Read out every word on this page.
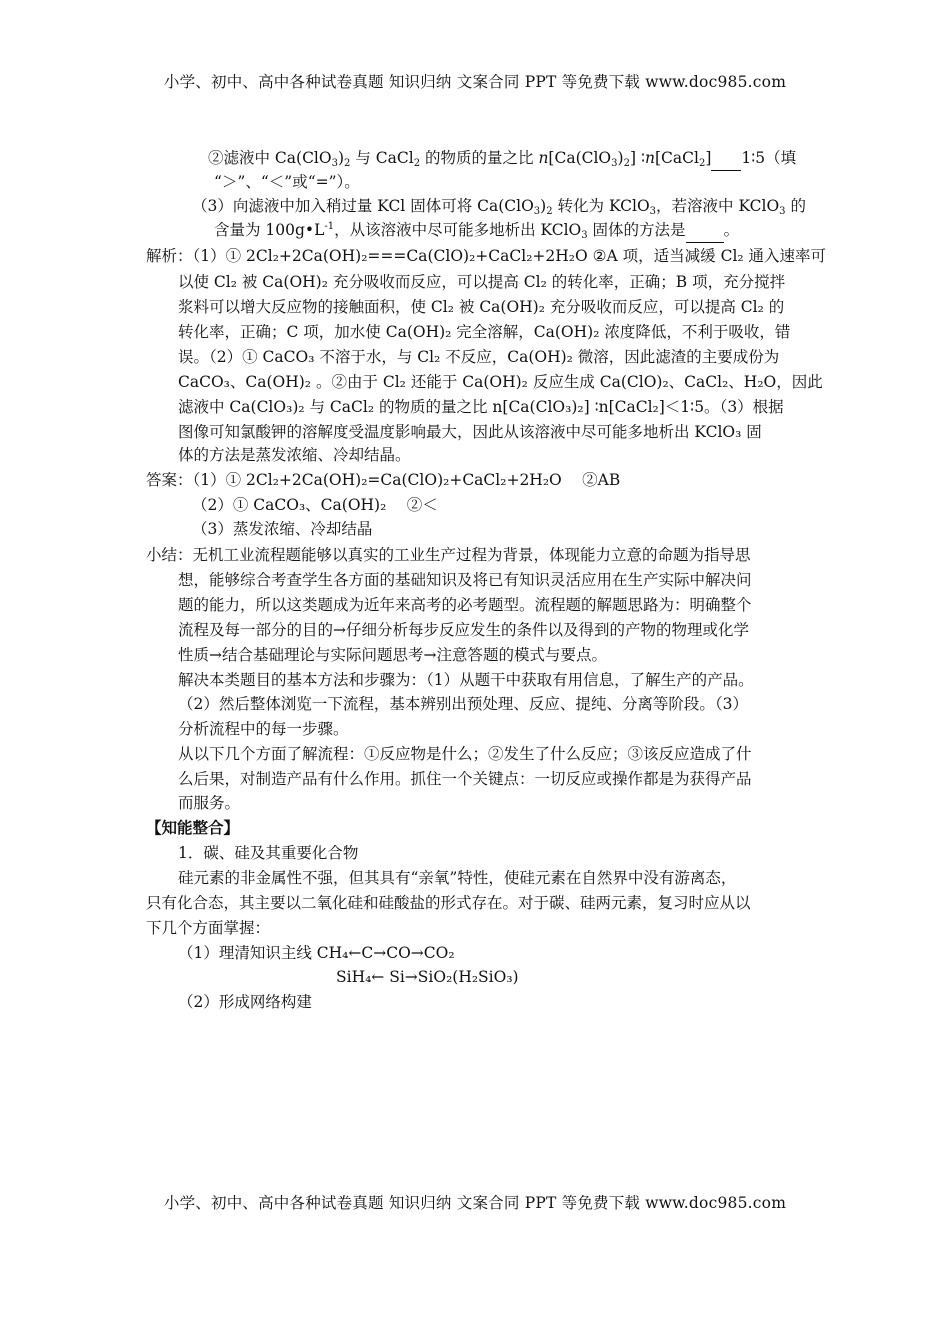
小学、初中、高中各种试卷真题 知识归纳 文案合同 PPT 等免费下载 www.doc985.com
②滤液中 $Ca(ClO_3)_2$ 与 CaCl$_2$ 的物质的量之比 $n[Ca(ClO_3)_2]$ ∶n[CaCl$_2$] 1∶5（填
“＞”、“＜”或“=”）。
（3）向滤液中加入稍过量 KCl 固体可将 $Ca(ClO_3)_2$ 转化为 KClO$_3$，若溶液中 KClO$_3$ 的
含量为 $100g•L^{-1}$，从该溶液中尽可能多地析出 KClO$_3$ 固体的方法是 。
解析：（1）① 2Cl₂+2Ca(OH)₂===Ca(ClO)₂+CaCl₂+2H₂O ②A 项，适当减缓 Cl₂ 通入速率可
以使 Cl₂ 被 Ca(OH)₂ 充分吸收而反应，可以提高 Cl₂ 的转化率，正确；B 项，充分搅拌
浆料可以增大反应物的接触面积，使 Cl₂ 被 Ca(OH)₂ 充分吸收而反应，可以提高 Cl₂ 的
转化率，正确；C 项，加水使 Ca(OH)₂ 完全溶解，Ca(OH)₂ 浓度降低，不利于吸收，错
误。（2）① CaCO₃ 不溶于水，与 Cl₂ 不反应，Ca(OH)₂ 微溶，因此滤渣的主要成份为
CaCO₃、Ca(OH)₂ 。②由于 Cl₂ 还能于 Ca(OH)₂ 反应生成 Ca(ClO)₂、CaCl₂、H₂O，因此
滤液中 Ca(ClO₃)₂ 与 CaCl₂ 的物质的量之比 n[Ca(ClO₃)₂] ∶n[CaCl₂]＜1∶5。（3）根据
图像可知氯酸钾的溶解度受温度影响最大，因此从该溶液中尽可能多地析出 KClO₃ 固
体的方法是蒸发浓缩、冷却结晶。
答案：（1）① 2Cl₂+2Ca(OH)₂=Ca(ClO)₂+CaCl₂+2H₂O　 ②AB
（2）① CaCO₃、Ca(OH)₂　 ②＜
（3）蒸发浓缩、冷却结晶
小结：无机工业流程题能够以真实的工业生产过程为背景，体现能力立意的命题为指导思
想，能够综合考查学生各方面的基础知识及将已有知识灵活应用在生产实际中解决问
题的能力，所以这类题成为近年来高考的必考题型。流程题的解题思路为：明确整个
流程及每一部分的目的→仔细分析每步反应发生的条件以及得到的产物的物理或化学
性质→结合基础理论与实际问题思考→注意答题的模式与要点。
解决本类题目的基本方法和步骤为：（1）从题干中获取有用信息，了解生产的产品。
（2）然后整体浏览一下流程，基本辨别出预处理、反应、提纯、分离等阶段。（3）
分析流程中的每一步骤。
从以下几个方面了解流程：①反应物是什么；②发生了什么反应；③该反应造成了什
么后果，对制造产品有什么作用。抓住一个关键点：一切反应或操作都是为获得产品
而服务。
【知能整合】
1．碳、硅及其重要化合物
硅元素的非金属性不强，但其具有“亲氧”特性，使硅元素在自然界中没有游离态，
只有化合态，其主要以二氧化硅和硅酸盐的形式存在。对于碳、硅两元素，复习时应从以
下几个方面掌握：
（1）理清知识主线 CH₄←C→CO→CO₂
SiH₄← Si→SiO₂(H₂SiO₃)
（2）形成网络构建
小学、初中、高中各种试卷真题 知识归纳 文案合同 PPT 等免费下载 www.doc985.com
